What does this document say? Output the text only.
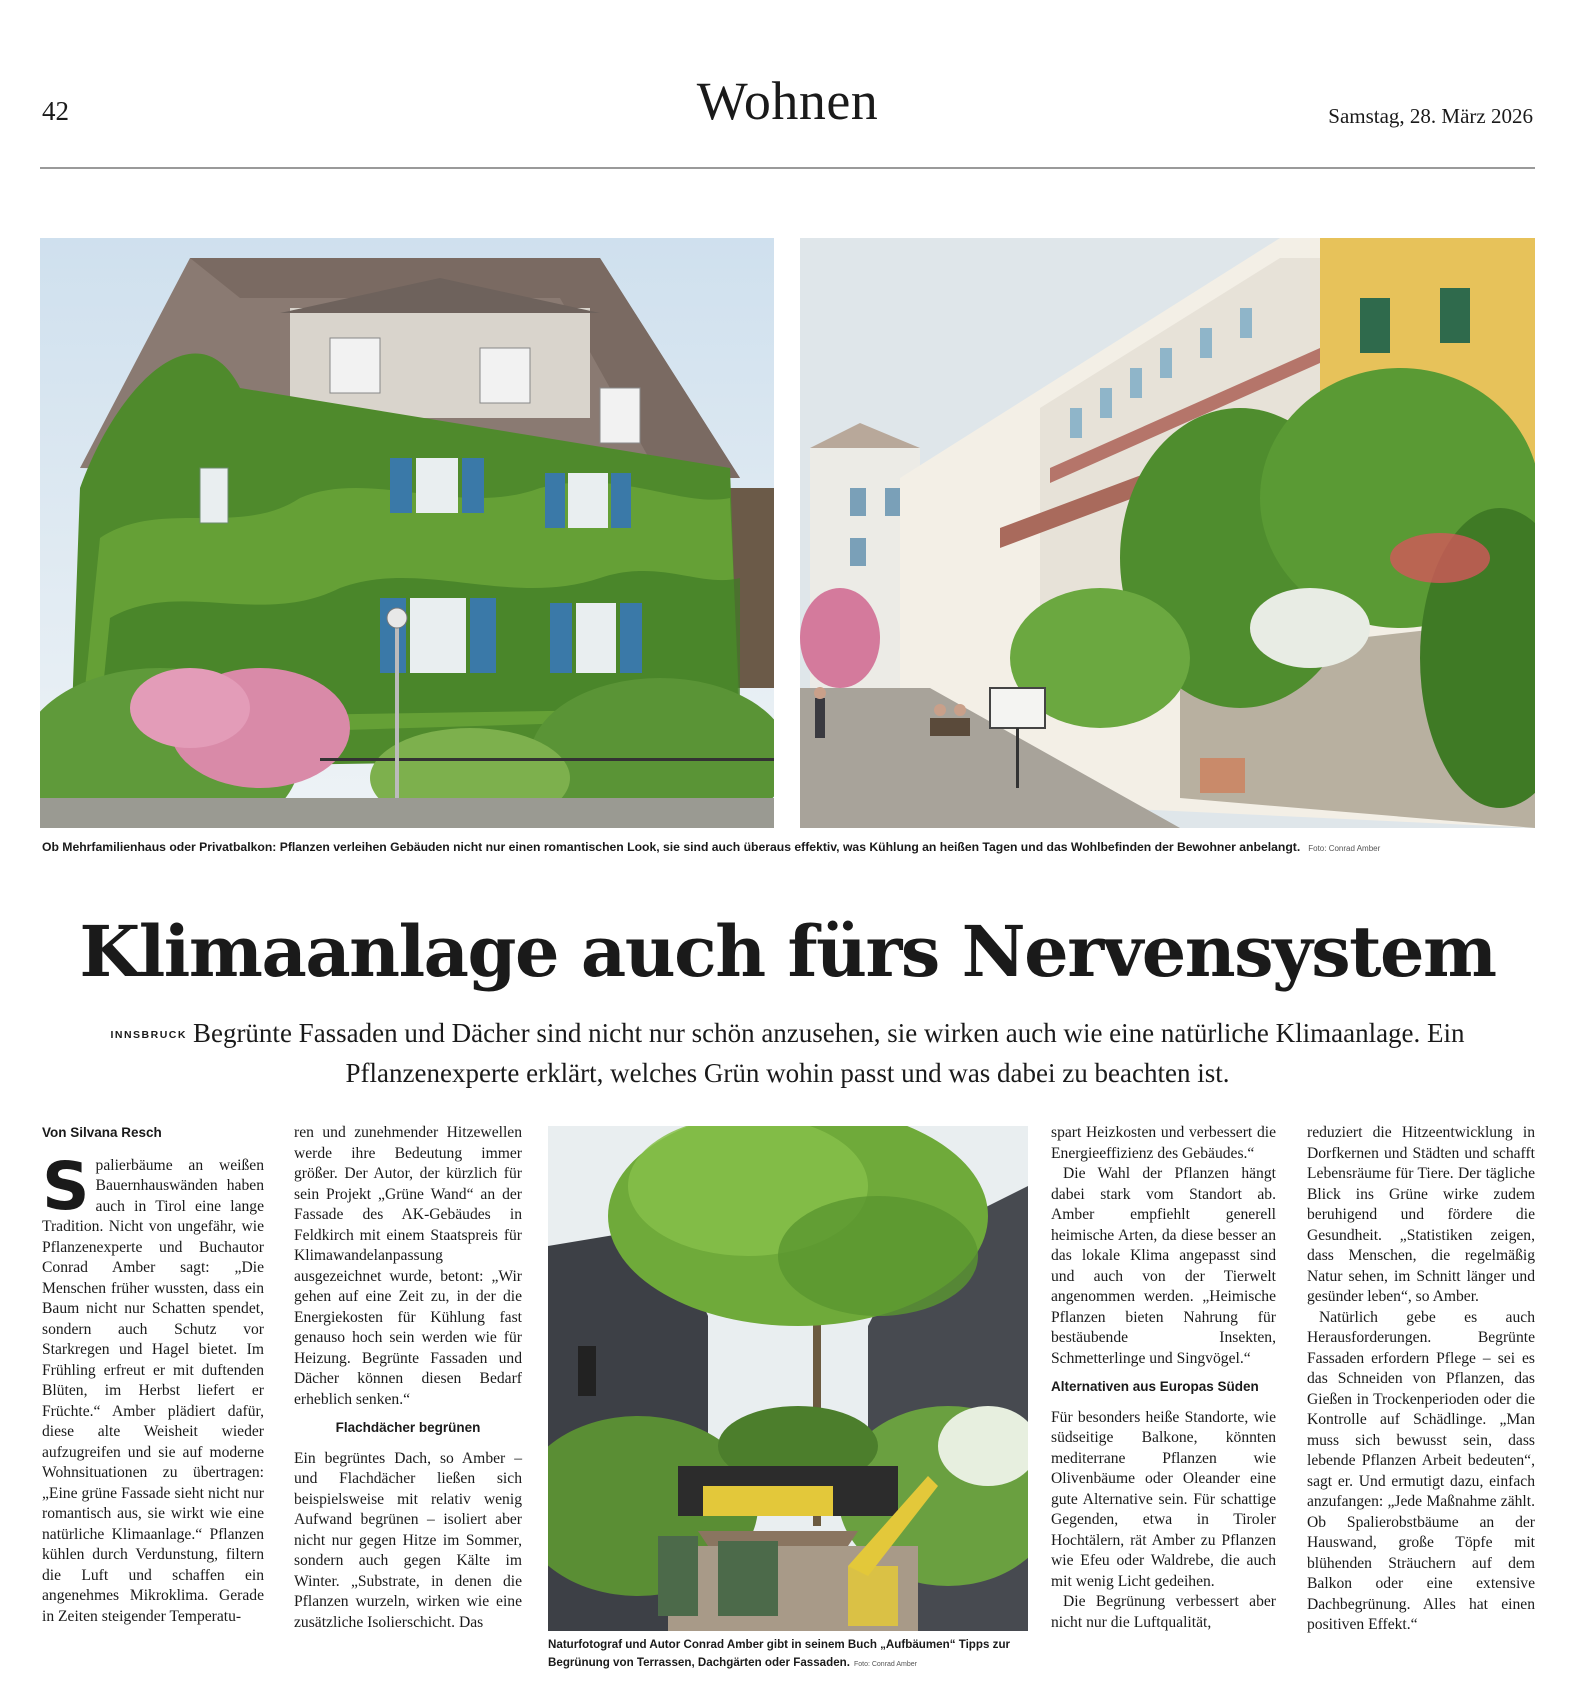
42	Wohnen	Samstag, 28. März 2026
Ob Mehrfamilienhaus oder Privatbalkon: Pflanzen verleihen Gebäuden nicht nur einen romantischen Look, sie sind auch überaus effektiv, was Kühlung an heißen Tagen und das Wohlbefinden der Bewohner anbelangt. Foto: Conrad Amber
Klimaanlage auch fürs Nervensystem
INNSBRUCK Begrünte Fassaden und Dächer sind nicht nur schön anzusehen, sie wirken auch wie eine natürliche Klimaanlage. Ein Pflanzenexperte erklärt, welches Grün wohin passt und was dabei zu beachten ist.
Von Silvana Resch
S palierbäume an weißen Bauernhauswänden haben auch in Tirol eine lange Tradition. Nicht von ungefähr, wie Pflanzenexperte und Buchautor Conrad Amber sagt: „Die Menschen früher wussten, dass ein Baum nicht nur Schatten spendet, sondern auch Schutz vor Starkregen und Hagel bietet. Im Frühling erfreut er mit duftenden Blüten, im Herbst liefert er Früchte.“ Amber plädiert dafür, diese alte Weisheit wieder aufzugreifen und sie auf moderne Wohnsituationen zu übertragen: „Eine grüne Fassade sieht nicht nur romantisch aus, sie wirkt wie eine natürliche Klimaanlage.“ Pflanzen kühlen durch Verdunstung, filtern die Luft und schaffen ein angenehmes Mikroklima. Gerade in Zeiten steigender Temperatu-

ren und zunehmender Hitzewellen werde ihre Bedeutung immer größer. Der Autor, der kürzlich für sein Projekt „Grüne Wand“ an der Fassade des AK-Gebäudes in Feldkirch mit einem Staatspreis für Klimawandelanpassung ausgezeichnet wurde, betont: „Wir gehen auf eine Zeit zu, in der die Energiekosten für Kühlung fast genauso hoch sein werden wie für Heizung. Begrünte Fassaden und Dächer können diesen Bedarf erheblich senken.“

Flachdächer begrünen

Ein begrüntes Dach, so Amber – und Flachdächer ließen sich beispielsweise mit relativ wenig Aufwand begrünen – isoliert aber nicht nur gegen Hitze im Sommer, sondern auch gegen Kälte im Winter. „Substrate, in denen die Pflanzen wurzeln, wirken wie eine zusätzliche Isolierschicht. Das

Naturfotograf und Autor Conrad Amber gibt in seinem Buch „Aufbäumen“ Tipps zur Begrünung von Terrassen, Dachgärten oder Fassaden. Foto: Conrad Amber

spart Heizkosten und verbessert die Energieeffizienz des Gebäudes.“

Die Wahl der Pflanzen hängt dabei stark vom Standort ab. Amber empfiehlt generell heimische Arten, da diese besser an das lokale Klima angepasst sind und auch von der Tierwelt angenommen werden. „Heimische Pflanzen bieten Nahrung für bestäubende Insekten, Schmetterlinge und Singvögel.“

Alternativen aus Europas Süden

Für besonders heiße Standorte, wie südseitige Balkone, könnten mediterrane Pflanzen wie Olivenbäume oder Oleander eine gute Alternative sein. Für schattige Gegenden, etwa in Tiroler Hochtälern, rät Amber zu Pflanzen wie Efeu oder Waldrebe, die auch mit wenig Licht gedeihen.

Die Begrünung verbessert aber nicht nur die Luftqualität,

reduziert die Hitzeentwicklung in Dorfkernen und Städten und schafft Lebensräume für Tiere. Der tägliche Blick ins Grüne wirke zudem beruhigend und fördere die Gesundheit. „Statistiken zeigen, dass Menschen, die regelmäßig Natur sehen, im Schnitt länger und gesünder leben“, so Amber.

Natürlich gebe es auch Herausforderungen. Begrünte Fassaden erfordern Pflege – sei es das Schneiden von Pflanzen, das Gießen in Trockenperioden oder die Kontrolle auf Schädlinge. „Man muss sich bewusst sein, dass lebende Pflanzen Arbeit bedeuten“, sagt er. Und ermutigt dazu, einfach anzufangen: „Jede Maßnahme zählt. Ob Spalierobstbäume an der Hauswand, große Töpfe mit blühenden Sträuchern auf dem Balkon oder eine extensive Dachbegrünung. Alles hat einen positiven Effekt.“
